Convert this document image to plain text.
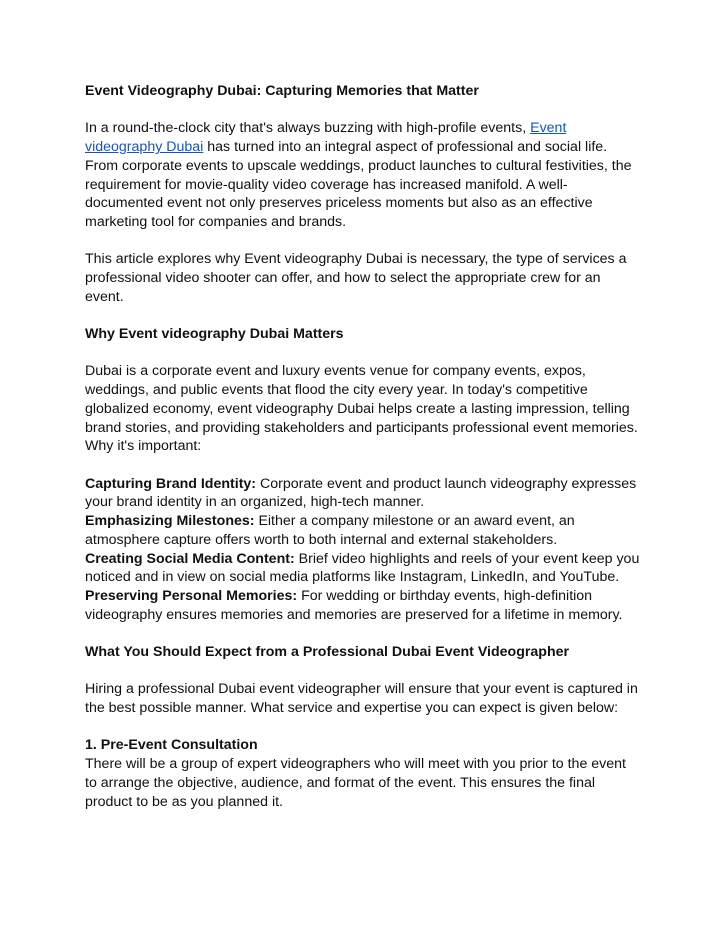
Event Videography Dubai: Capturing Memories that Matter

In a round-the-clock city that's always buzzing with high-profile events, Event videography Dubai has turned into an integral aspect of professional and social life. From corporate events to upscale weddings, product launches to cultural festivities, the requirement for movie-quality video coverage has increased manifold. A well-documented event not only preserves priceless moments but also as an effective marketing tool for companies and brands.

This article explores why Event videography Dubai is necessary, the type of services a professional video shooter can offer, and how to select the appropriate crew for an event.

Why Event videography Dubai Matters

Dubai is a corporate event and luxury events venue for company events, expos, weddings, and public events that flood the city every year. In today's competitive globalized economy, event videography Dubai helps create a lasting impression, telling brand stories, and providing stakeholders and participants professional event memories. Why it's important:

Capturing Brand Identity: Corporate event and product launch videography expresses your brand identity in an organized, high-tech manner.

Emphasizing Milestones: Either a company milestone or an award event, an atmosphere capture offers worth to both internal and external stakeholders.

Creating Social Media Content: Brief video highlights and reels of your event keep you noticed and in view on social media platforms like Instagram, LinkedIn, and YouTube.

Preserving Personal Memories: For wedding or birthday events, high-definition videography ensures memories and memories are preserved for a lifetime in memory.

What You Should Expect from a Professional Dubai Event Videographer

Hiring a professional Dubai event videographer will ensure that your event is captured in the best possible manner. What service and expertise you can expect is given below:

1. Pre-Event Consultation

There will be a group of expert videographers who will meet with you prior to the event to arrange the objective, audience, and format of the event. This ensures the final product to be as you planned it.
